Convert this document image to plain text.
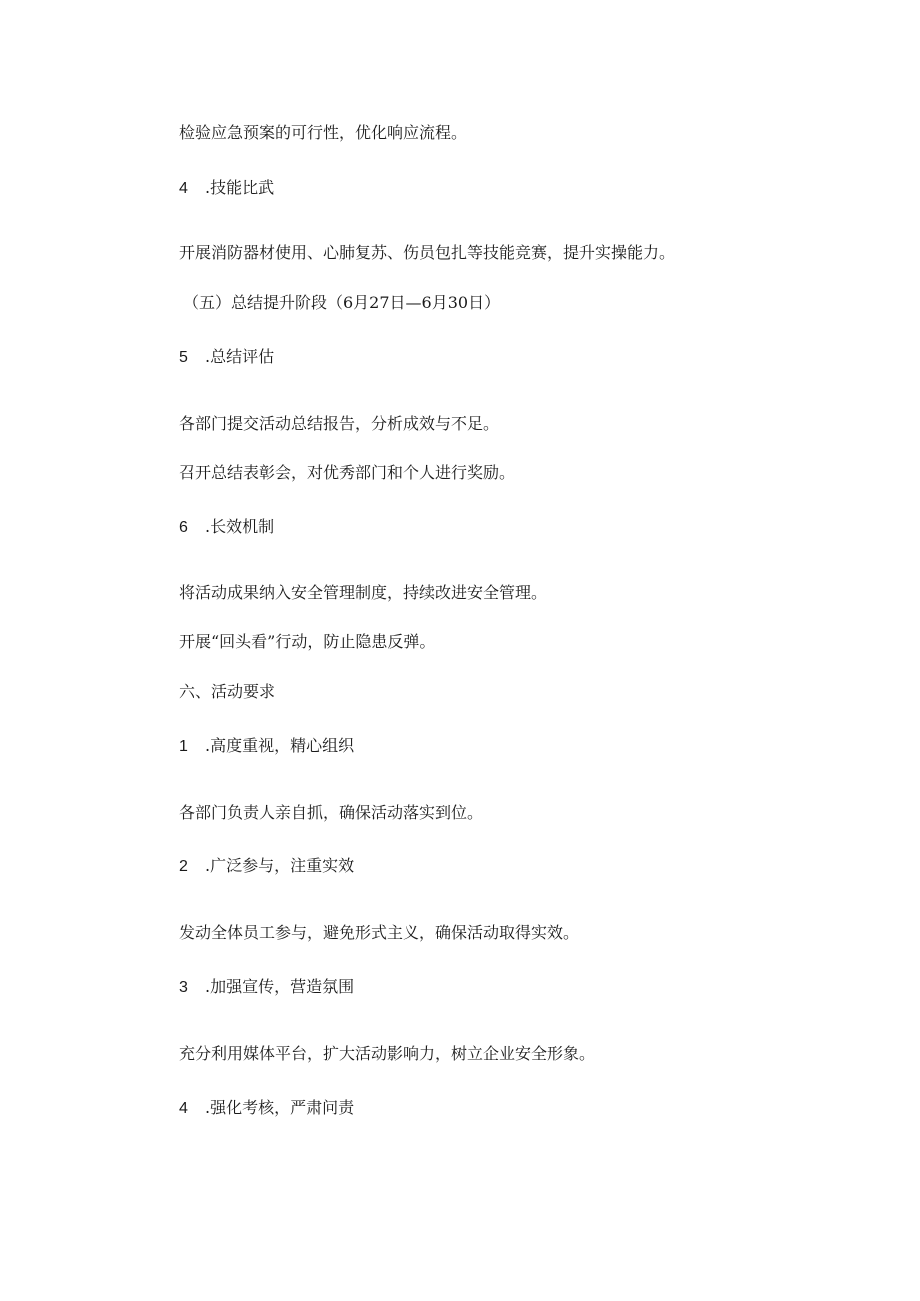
检验应急预案的可行性，优化响应流程。
4 .技能比武
开展消防器材使用、心肺复苏、伤员包扎等技能竞赛，提升实操能力。
（五）总结提升阶段（6月27日—6月30日）
5 .总结评估
各部门提交活动总结报告，分析成效与不足。
召开总结表彰会，对优秀部门和个人进行奖励。
6 .长效机制
将活动成果纳入安全管理制度，持续改进安全管理。
开展“回头看”行动，防止隐患反弹。
六、活动要求
1 .高度重视，精心组织
各部门负责人亲自抓，确保活动落实到位。
2 .广泛参与，注重实效
发动全体员工参与，避免形式主义，确保活动取得实效。
3 .加强宣传，营造氛围
充分利用媒体平台，扩大活动影响力，树立企业安全形象。
4 .强化考核，严肃问责
